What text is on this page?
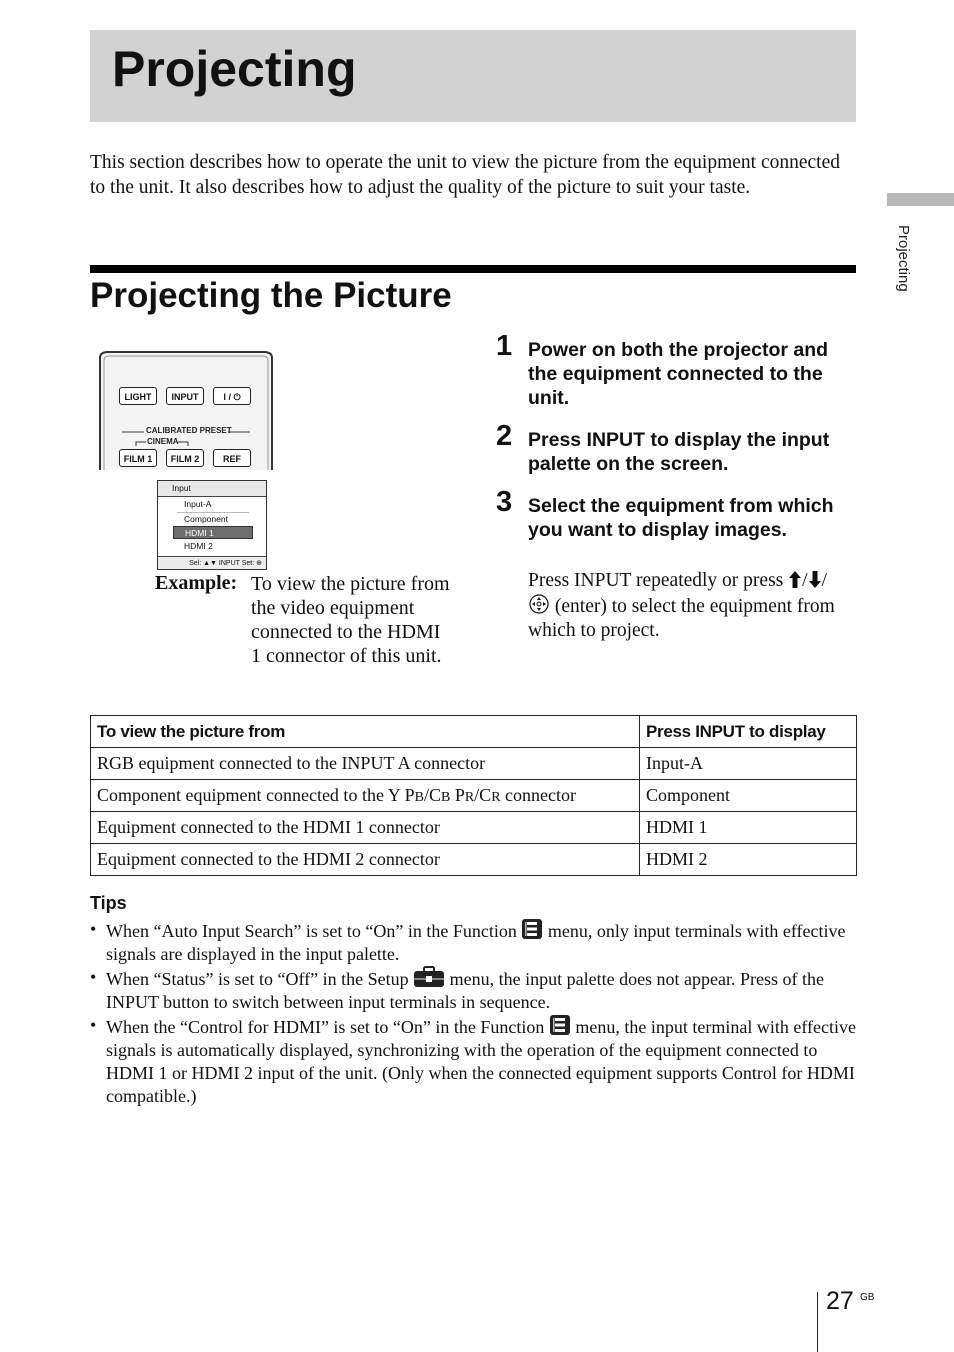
Projecting

This section describes how to operate the unit to view the picture from the equipment connected to the unit. It also describes how to adjust the quality of the picture to suit your taste.

Projecting
Projecting the Picture
LIGHT	INPUT	I / ⏻
CALIBRATED PRESET
CINEMA
FILM 1	FILM 2	REF
Input
Input-A
Component
HDMI 1
HDMI 2
Sel: ▲▼ INPUT Set: ⊕
Example: To view the picture from the video equipment connected to the HDMI 1 connector of this unit.
1 Power on both the projector and the equipment connected to the unit.

2 Press INPUT to display the input palette on the screen.

3 Select the equipment from which you want to display images.

Press INPUT repeatedly or press / /
(enter) to select the equipment from which to project.
To view the picture from	Press INPUT to display
RGB equipment connected to the INPUT A connector	Input-A
Component equipment connected to the Y PB/CB PR/CR connector	Component
Equipment connected to the HDMI 1 connector	HDMI 1
Equipment connected to the HDMI 2 connector	HDMI 2
Tips
• When “Auto Input Search” is set to “On” in the Function  menu, only input terminals with effective signals are displayed in the input palette.
• When “Status” is set to “Off” in the Setup  menu, the input palette does not appear. Press of the INPUT button to switch between input terminals in sequence.
• When the “Control for HDMI” is set to “On” in the Function  menu, the input terminal with effective signals is automatically displayed, synchronizing with the operation of the equipment connected to HDMI 1 or HDMI 2 input of the unit. (Only when the connected equipment supports Control for HDMI compatible.)
27 GB
